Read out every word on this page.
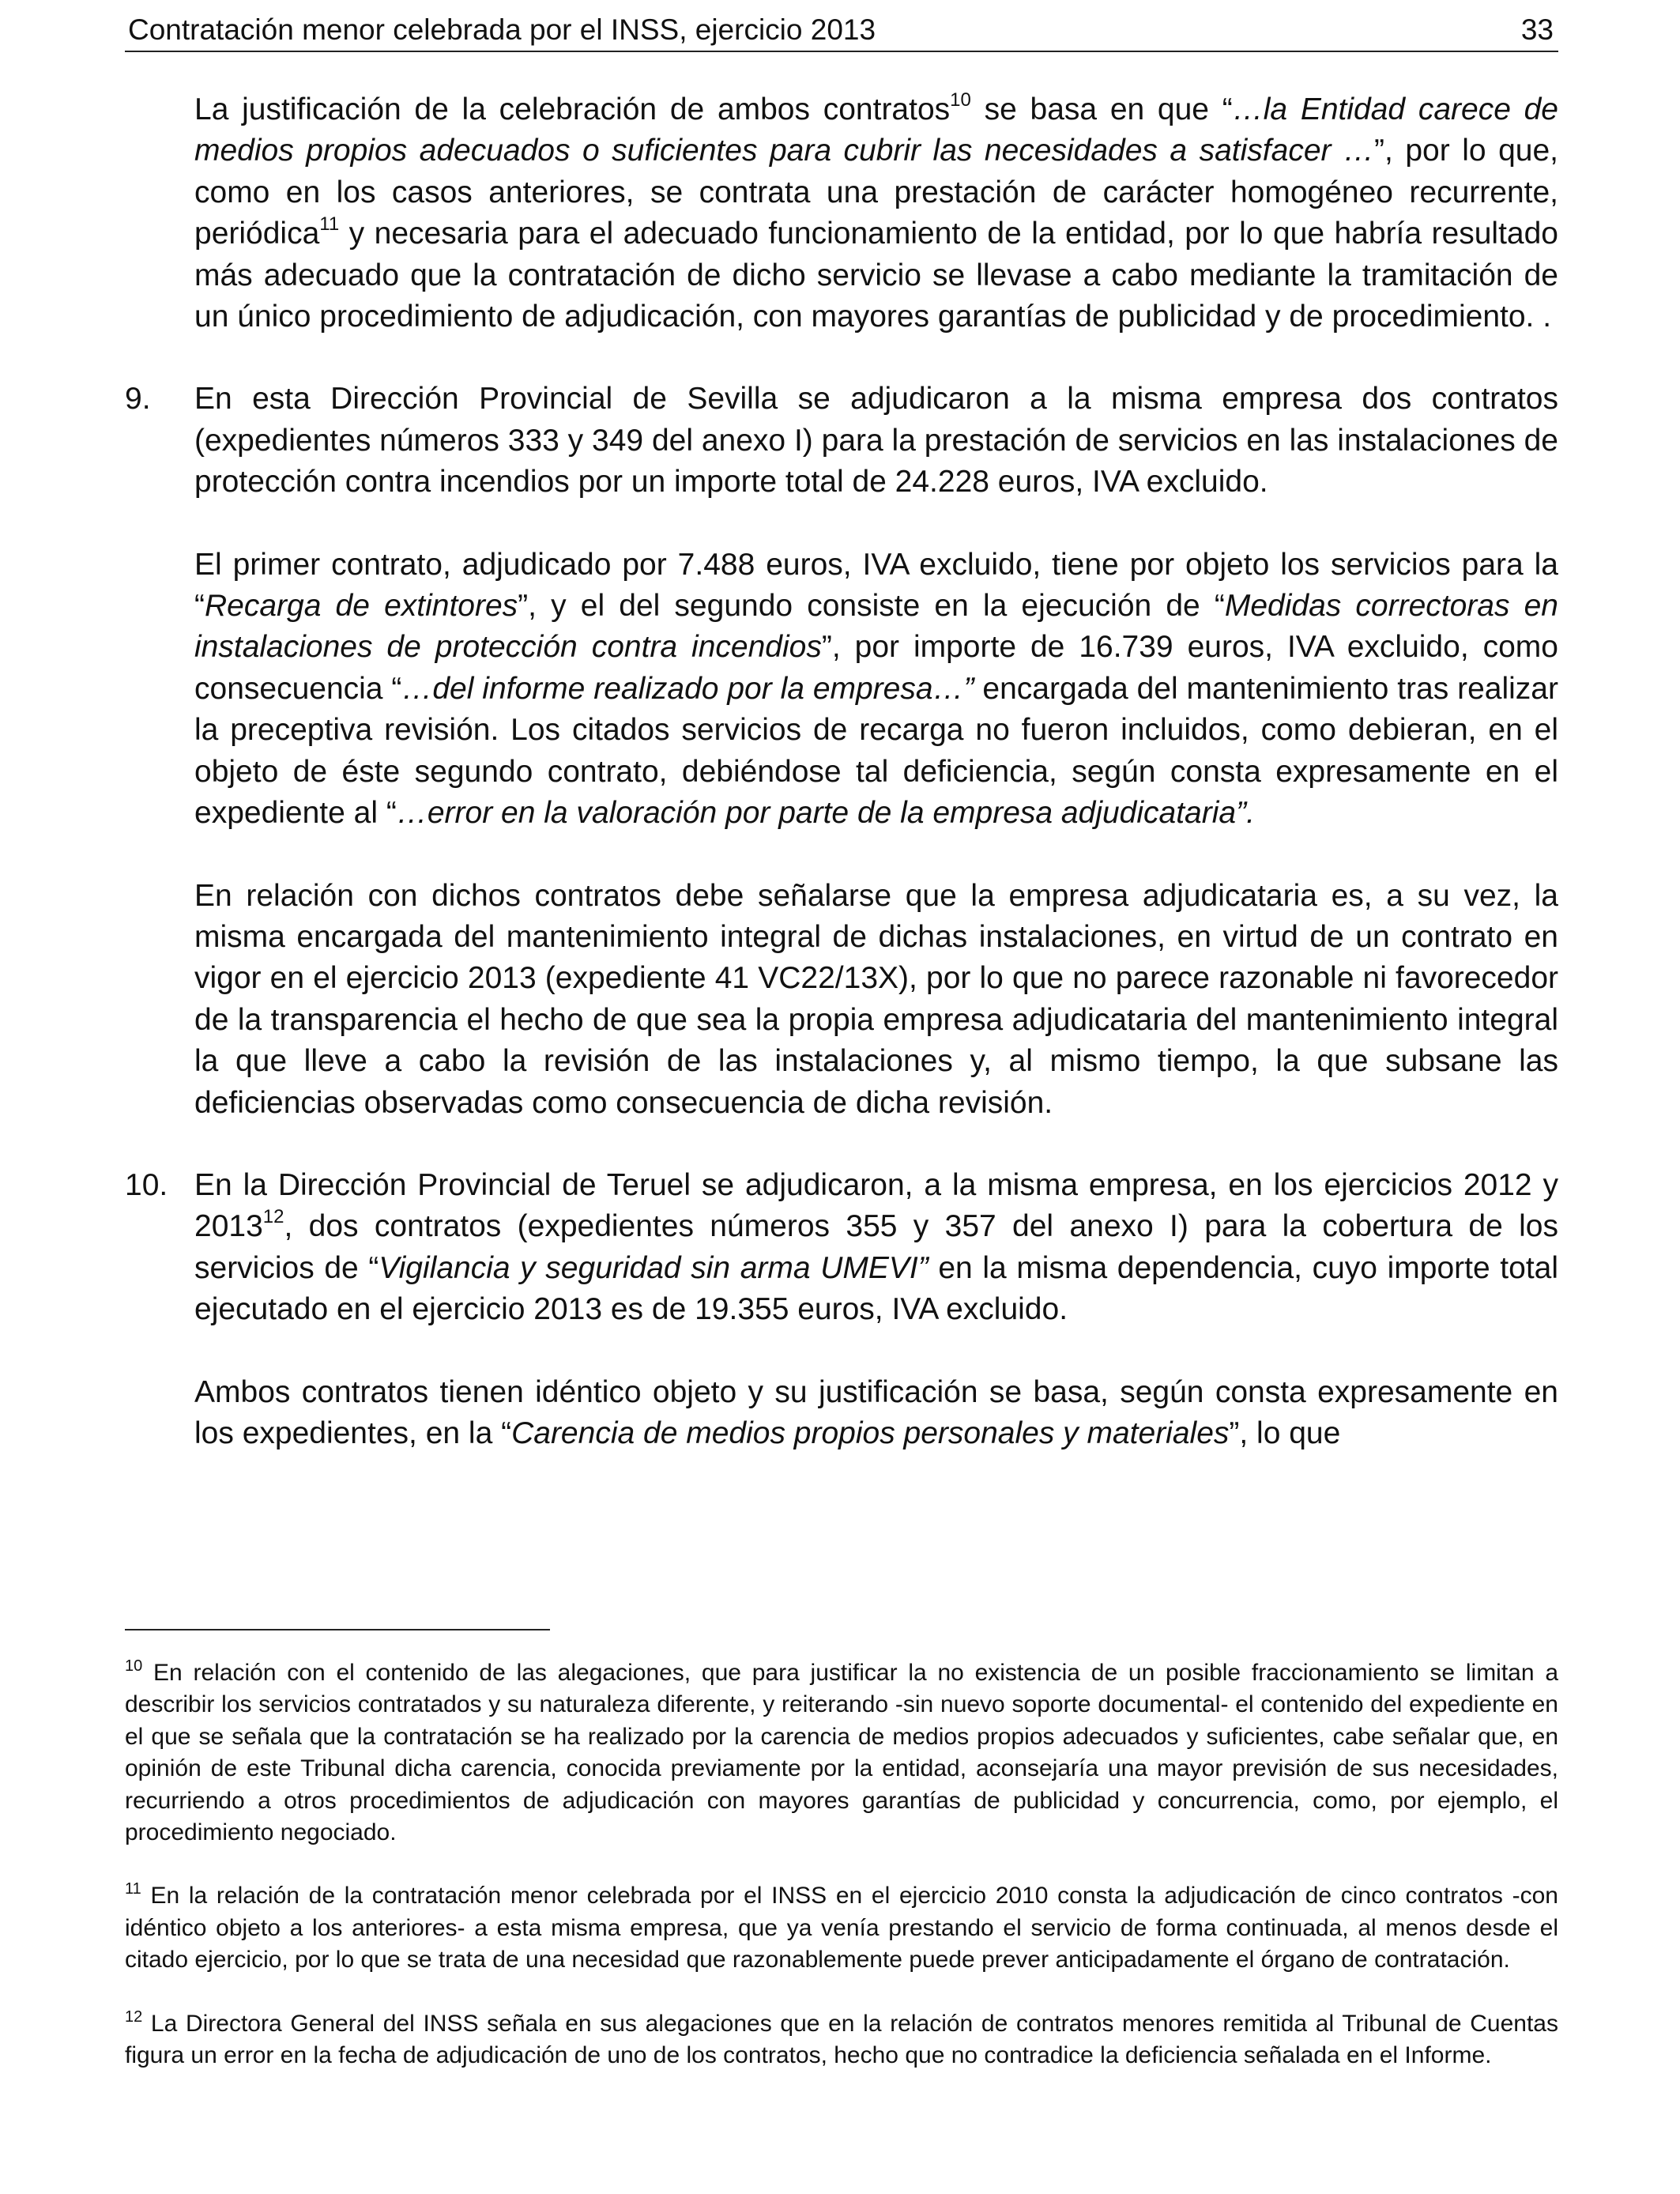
Contratación menor celebrada por el INSS, ejercicio 2013	33

La justificación de la celebración de ambos contratos$^{10}$ se basa en que “…la Entidad carece de medios propios adecuados o suficientes para cubrir las necesidades a satisfacer …”, por lo que, como en los casos anteriores, se contrata una prestación de carácter homogéneo recurrente, periódica$^{11}$ y necesaria para el adecuado funcionamiento de la entidad, por lo que habría resultado más adecuado que la contratación de dicho servicio se llevase a cabo mediante la tramitación de un único procedimiento de adjudicación, con mayores garantías de publicidad y de procedimiento. .

9.	En esta Dirección Provincial de Sevilla se adjudicaron a la misma empresa dos contratos (expedientes números 333 y 349 del anexo I) para la prestación de servicios en las instalaciones de protección contra incendios por un importe total de 24.228 euros, IVA excluido.

El primer contrato, adjudicado por 7.488 euros, IVA excluido, tiene por objeto los servicios para la “Recarga de extintores”, y el del segundo consiste en la ejecución de “Medidas correctoras en instalaciones de protección contra incendios”, por importe de 16.739 euros, IVA excluido, como consecuencia “…del informe realizado por la empresa…” encargada del mantenimiento tras realizar la preceptiva revisión. Los citados servicios de recarga no fueron incluidos, como debieran, en el objeto de éste segundo contrato, debiéndose tal deficiencia, según consta expresamente en el expediente al “…error en la valoración por parte de la empresa adjudicataria”.

En relación con dichos contratos debe señalarse que la empresa adjudicataria es, a su vez, la misma encargada del mantenimiento integral de dichas instalaciones, en virtud de un contrato en vigor en el ejercicio 2013 (expediente 41 VC22/13X), por lo que no parece razonable ni favorecedor de la transparencia el hecho de que sea la propia empresa adjudicataria del mantenimiento integral la que lleve a cabo la revisión de las instalaciones y, al mismo tiempo, la que subsane las deficiencias observadas como consecuencia de dicha revisión.

10. En la Dirección Provincial de Teruel se adjudicaron, a la misma empresa, en los ejercicios 2012 y 2013$^{12}$, dos contratos (expedientes números 355 y 357 del anexo I) para la cobertura de los servicios de “Vigilancia y seguridad sin arma UMEVI” en la misma dependencia, cuyo importe total ejecutado en el ejercicio 2013 es de 19.355 euros, IVA excluido.

Ambos contratos tienen idéntico objeto y su justificación se basa, según consta expresamente en los expedientes, en la “Carencia de medios propios personales y materiales”, lo que

$^{10}$ En relación con el contenido de las alegaciones, que para justificar la no existencia de un posible fraccionamiento se limitan a describir los servicios contratados y su naturaleza diferente, y reiterando -sin nuevo soporte documental- el contenido del expediente en el que se señala que la contratación se ha realizado por la carencia de medios propios adecuados y suficientes, cabe señalar que, en opinión de este Tribunal dicha carencia, conocida previamente por la entidad, aconsejaría una mayor previsión de sus necesidades, recurriendo a otros procedimientos de adjudicación con mayores garantías de publicidad y concurrencia, como, por ejemplo, el procedimiento negociado.
$^{11}$ En la relación de la contratación menor celebrada por el INSS en el ejercicio 2010 consta la adjudicación de cinco contratos -con idéntico objeto a los anteriores- a esta misma empresa, que ya venía prestando el servicio de forma continuada, al menos desde el citado ejercicio, por lo que se trata de una necesidad que razonablemente puede prever anticipadamente el órgano de contratación.
$^{12}$ La Directora General del INSS señala en sus alegaciones que en la relación de contratos menores remitida al Tribunal de Cuentas figura un error en la fecha de adjudicación de uno de los contratos, hecho que no contradice la deficiencia señalada en el Informe.
